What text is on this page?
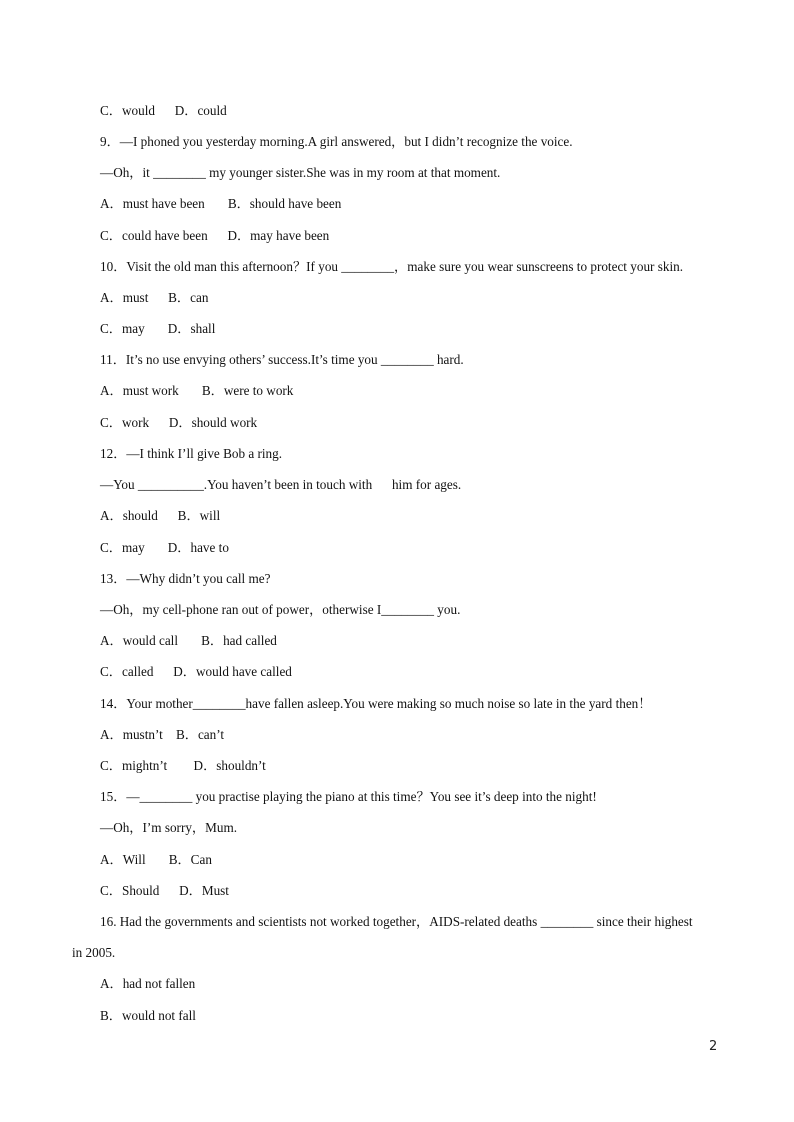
C．would      D．could
9．—I phoned you yesterday morning.A girl answered，but I didn’t recognize the voice.
—Oh，it ________ my younger sister.She was in my room at that moment.
A．must have been       B．should have been
C．could have been      D．may have been
10．Visit the old man this afternoon？If you ________，make sure you wear sunscreens to protect your skin.
A．must      B．can
C．may       D．shall
11．It’s no use envying others’ success.It’s time you ________ hard.
A．must work       B．were to work
C．work      D．should work
12．—I think I’ll give Bob a ring.
—You __________.You haven’t been in touch with      him for ages.
A．should      B．will
C．may       D．have to
13．—Why didn’t you call me?
—Oh，my cell-phone ran out of power，otherwise I________ you.
A．would call       B．had called
C．called      D．would have called
14．Your mother________have fallen asleep.You were making so much noise so late in the yard then！
A．mustn’t    B．can’t
C．mightn’t        D．shouldn’t
15．—________ you practise playing the piano at this time？You see it’s deep into the night!
—Oh，I’m sorry，Mum.
A．Will       B．Can
C．Should      D．Must
16. Had the governments and scientists not worked together，AIDS-related deaths ________ since their highest
in 2005.
A．had not fallen
B．would not fall
2
